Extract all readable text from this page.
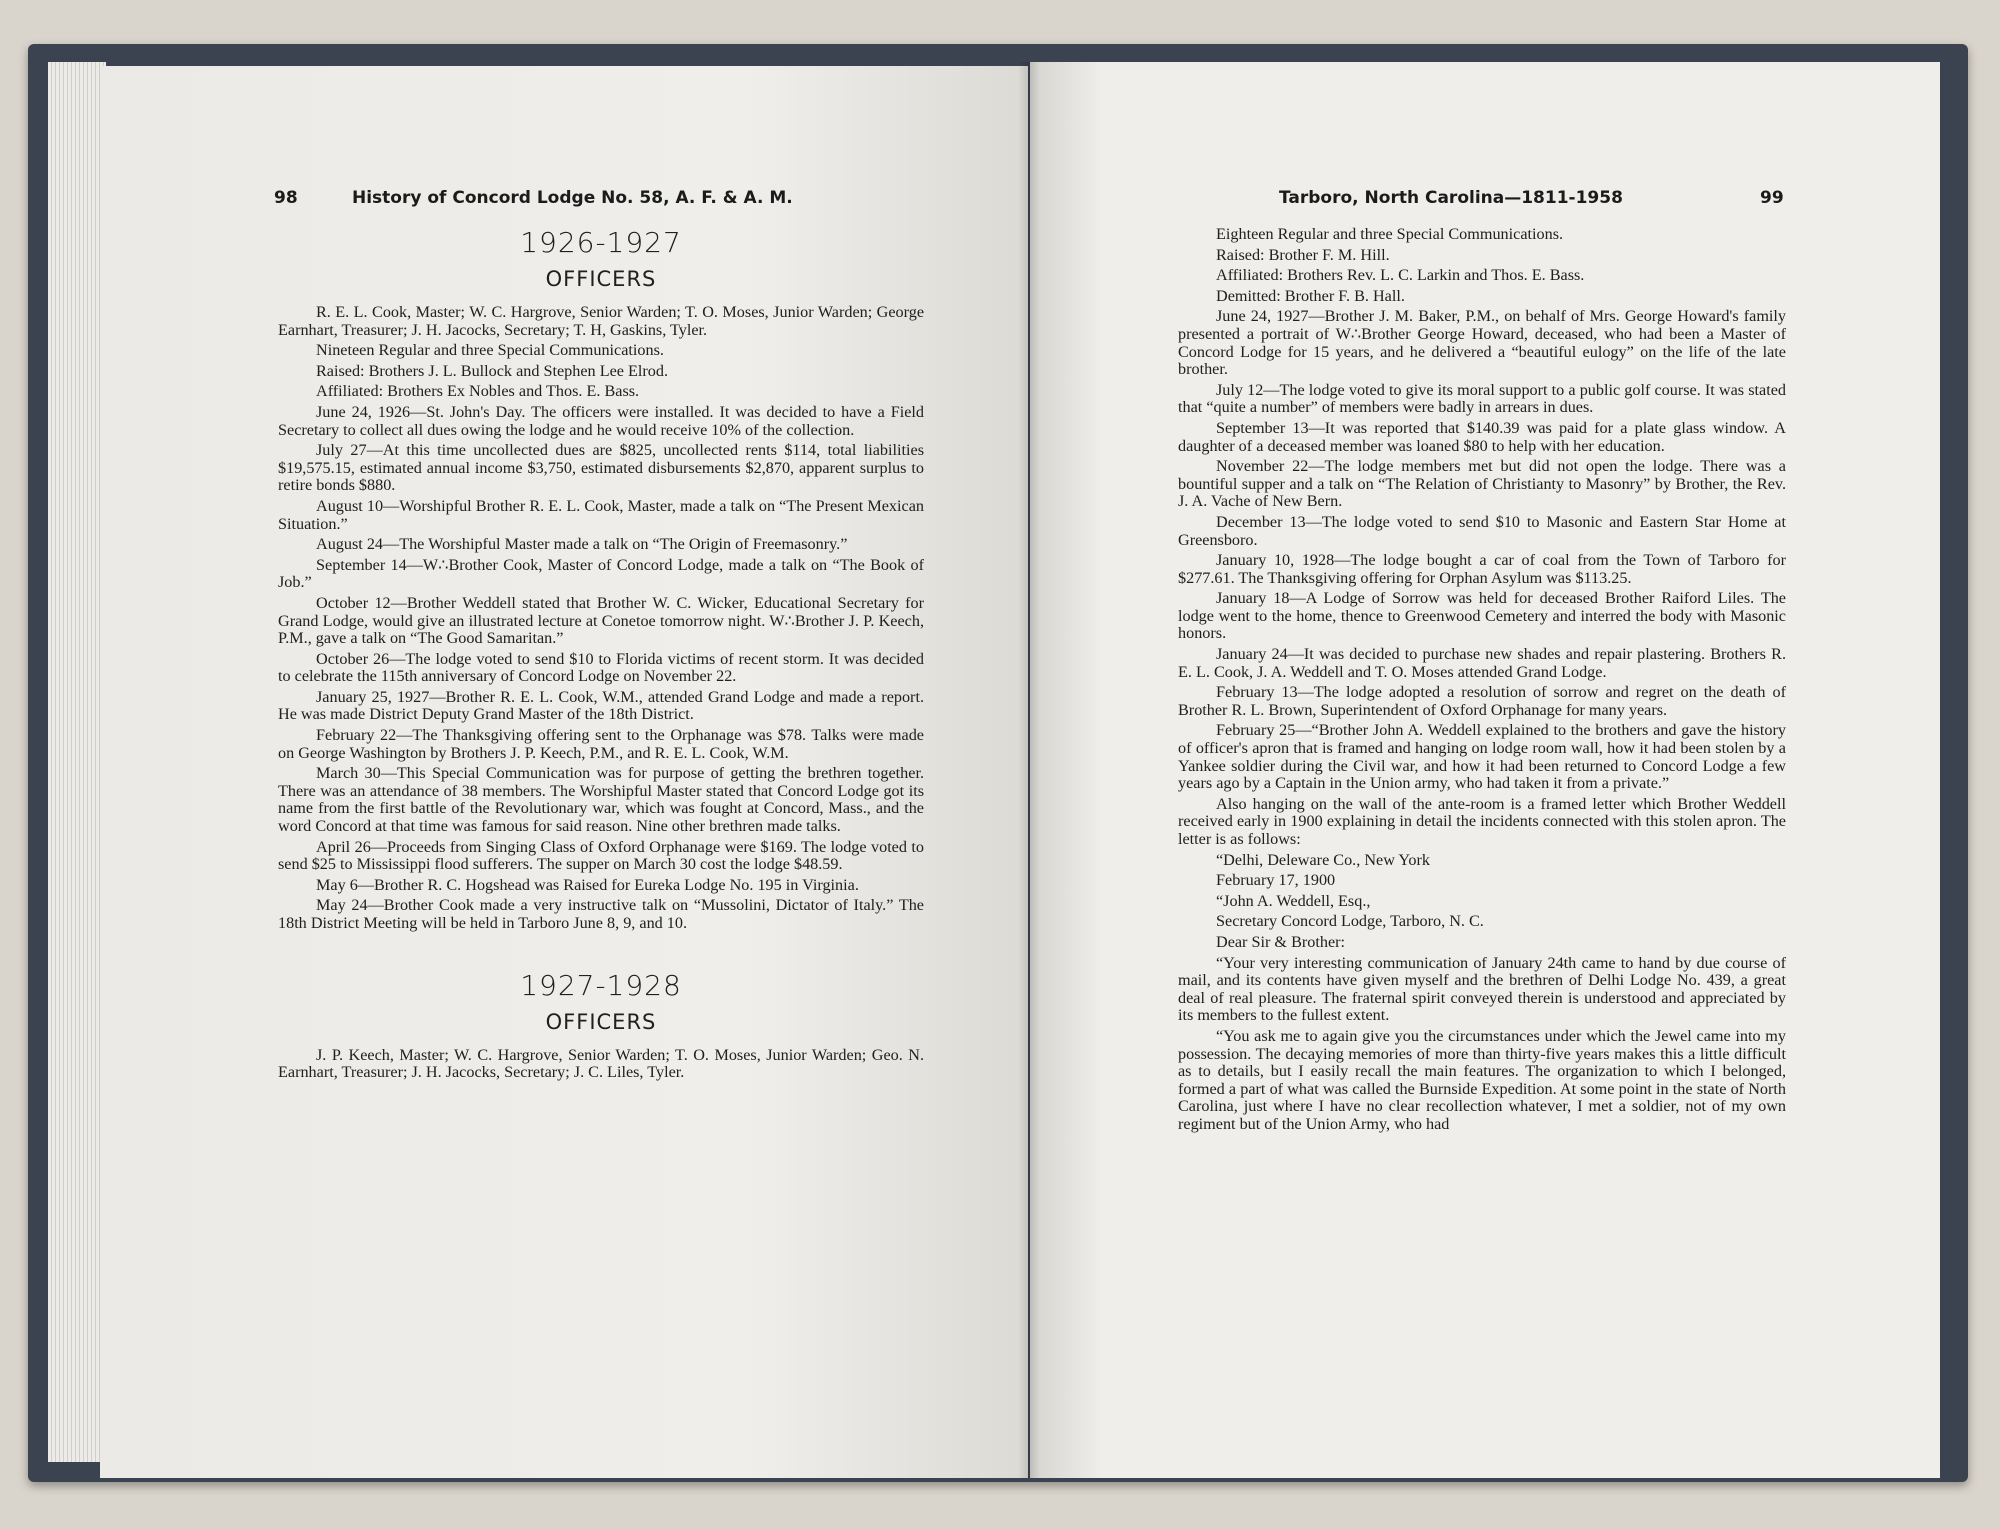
98	History of Concord Lodge No. 58, A. F. & A. M.	Tarboro, North Carolina—1811-1958	99
1926-1927
OFFICERS

R. E. L. Cook, Master; W. C. Hargrove, Senior Warden; T. O. Moses, Junior Warden; George Earnhart, Treasurer; J. H. Jacocks, Secretary; T. H, Gaskins, Tyler.

Nineteen Regular and three Special Communications.

Raised: Brothers J. L. Bullock and Stephen Lee Elrod.

Affiliated: Brothers Ex Nobles and Thos. E. Bass.

June 24, 1926—St. John's Day. The officers were installed. It was decided to have a Field Secretary to collect all dues owing the lodge and he would receive 10% of the collection.

July 27—At this time uncollected dues are $825, uncollected rents $114, total liabilities $19,575.15, estimated annual income $3,750, estimated disbursements $2,870, apparent surplus to retire bonds $880.

August 10—Worshipful Brother R. E. L. Cook, Master, made a talk on “The Present Mexican Situation.”

August 24—The Worshipful Master made a talk on “The Origin of Freemasonry.”

September 14—W∴Brother Cook, Master of Concord Lodge, made a talk on “The Book of Job.”

October 12—Brother Weddell stated that Brother W. C. Wicker, Educational Secretary for Grand Lodge, would give an illustrated lecture at Conetoe tomorrow night. W∴Brother J. P. Keech, P.M., gave a talk on “The Good Samaritan.”

October 26—The lodge voted to send $10 to Florida victims of recent storm. It was decided to celebrate the 115th anniversary of Concord Lodge on November 22.

January 25, 1927—Brother R. E. L. Cook, W.M., attended Grand Lodge and made a report. He was made District Deputy Grand Master of the 18th District.

February 22—The Thanksgiving offering sent to the Orphanage was $78. Talks were made on George Washington by Brothers J. P. Keech, P.M., and R. E. L. Cook, W.M.

March 30—This Special Communication was for purpose of getting the brethren together. There was an attendance of 38 members. The Worshipful Master stated that Concord Lodge got its name from the first battle of the Revolutionary war, which was fought at Concord, Mass., and the word Concord at that time was famous for said reason. Nine other brethren made talks.

April 26—Proceeds from Singing Class of Oxford Orphanage were $169. The lodge voted to send $25 to Mississippi flood sufferers. The supper on March 30 cost the lodge $48.59.

May 6—Brother R. C. Hogshead was Raised for Eureka Lodge No. 195 in Virginia.

May 24—Brother Cook made a very instructive talk on “Mussolini, Dictator of Italy.” The 18th District Meeting will be held in Tarboro June 8, 9, and 10.

1927-1928
OFFICERS

J. P. Keech, Master; W. C. Hargrove, Senior Warden; T. O. Moses, Junior Warden; Geo. N. Earnhart, Treasurer; J. H. Jacocks, Secretary; J. C. Liles, Tyler.

Eighteen Regular and three Special Communications.

Raised: Brother F. M. Hill.

Affiliated: Brothers Rev. L. C. Larkin and Thos. E. Bass.

Demitted: Brother F. B. Hall.

June 24, 1927—Brother J. M. Baker, P.M., on behalf of Mrs. George Howard's family presented a portrait of W∴Brother George Howard, deceased, who had been a Master of Concord Lodge for 15 years, and he delivered a “beautiful eulogy” on the life of the late brother.

July 12—The lodge voted to give its moral support to a public golf course. It was stated that “quite a number” of members were badly in arrears in dues.

September 13—It was reported that $140.39 was paid for a plate glass window. A daughter of a deceased member was loaned $80 to help with her education.

November 22—The lodge members met but did not open the lodge. There was a bountiful supper and a talk on “The Relation of Christianty to Masonry” by Brother, the Rev. J. A. Vache of New Bern.

December 13—The lodge voted to send $10 to Masonic and Eastern Star Home at Greensboro.

January 10, 1928—The lodge bought a car of coal from the Town of Tarboro for $277.61. The Thanksgiving offering for Orphan Asylum was $113.25.

January 18—A Lodge of Sorrow was held for deceased Brother Raiford Liles. The lodge went to the home, thence to Greenwood Cemetery and interred the body with Masonic honors.

January 24—It was decided to purchase new shades and repair plastering. Brothers R. E. L. Cook, J. A. Weddell and T. O. Moses attended Grand Lodge.

February 13—The lodge adopted a resolution of sorrow and regret on the death of Brother R. L. Brown, Superintendent of Oxford Orphanage for many years.

February 25—“Brother John A. Weddell explained to the brothers and gave the history of officer's apron that is framed and hanging on lodge room wall, how it had been stolen by a Yankee soldier during the Civil war, and how it had been returned to Concord Lodge a few years ago by a Captain in the Union army, who had taken it from a private.”

Also hanging on the wall of the ante-room is a framed letter which Brother Weddell received early in 1900 explaining in detail the incidents connected with this stolen apron. The letter is as follows:

“Delhi, Deleware Co., New York

February 17, 1900

“John A. Weddell, Esq.,

Secretary Concord Lodge, Tarboro, N. C.

Dear Sir & Brother:

“Your very interesting communication of January 24th came to hand by due course of mail, and its contents have given myself and the brethren of Delhi Lodge No. 439, a great deal of real pleasure. The fraternal spirit conveyed therein is understood and appreciated by its members to the fullest extent.

“You ask me to again give you the circumstances under which the Jewel came into my possession. The decaying memories of more than thirty-five years makes this a little difficult as to details, but I easily recall the main features. The organization to which I belonged, formed a part of what was called the Burnside Expedition. At some point in the state of North Carolina, just where I have no clear recollection whatever, I met a soldier, not of my own regiment but of the Union Army, who had
